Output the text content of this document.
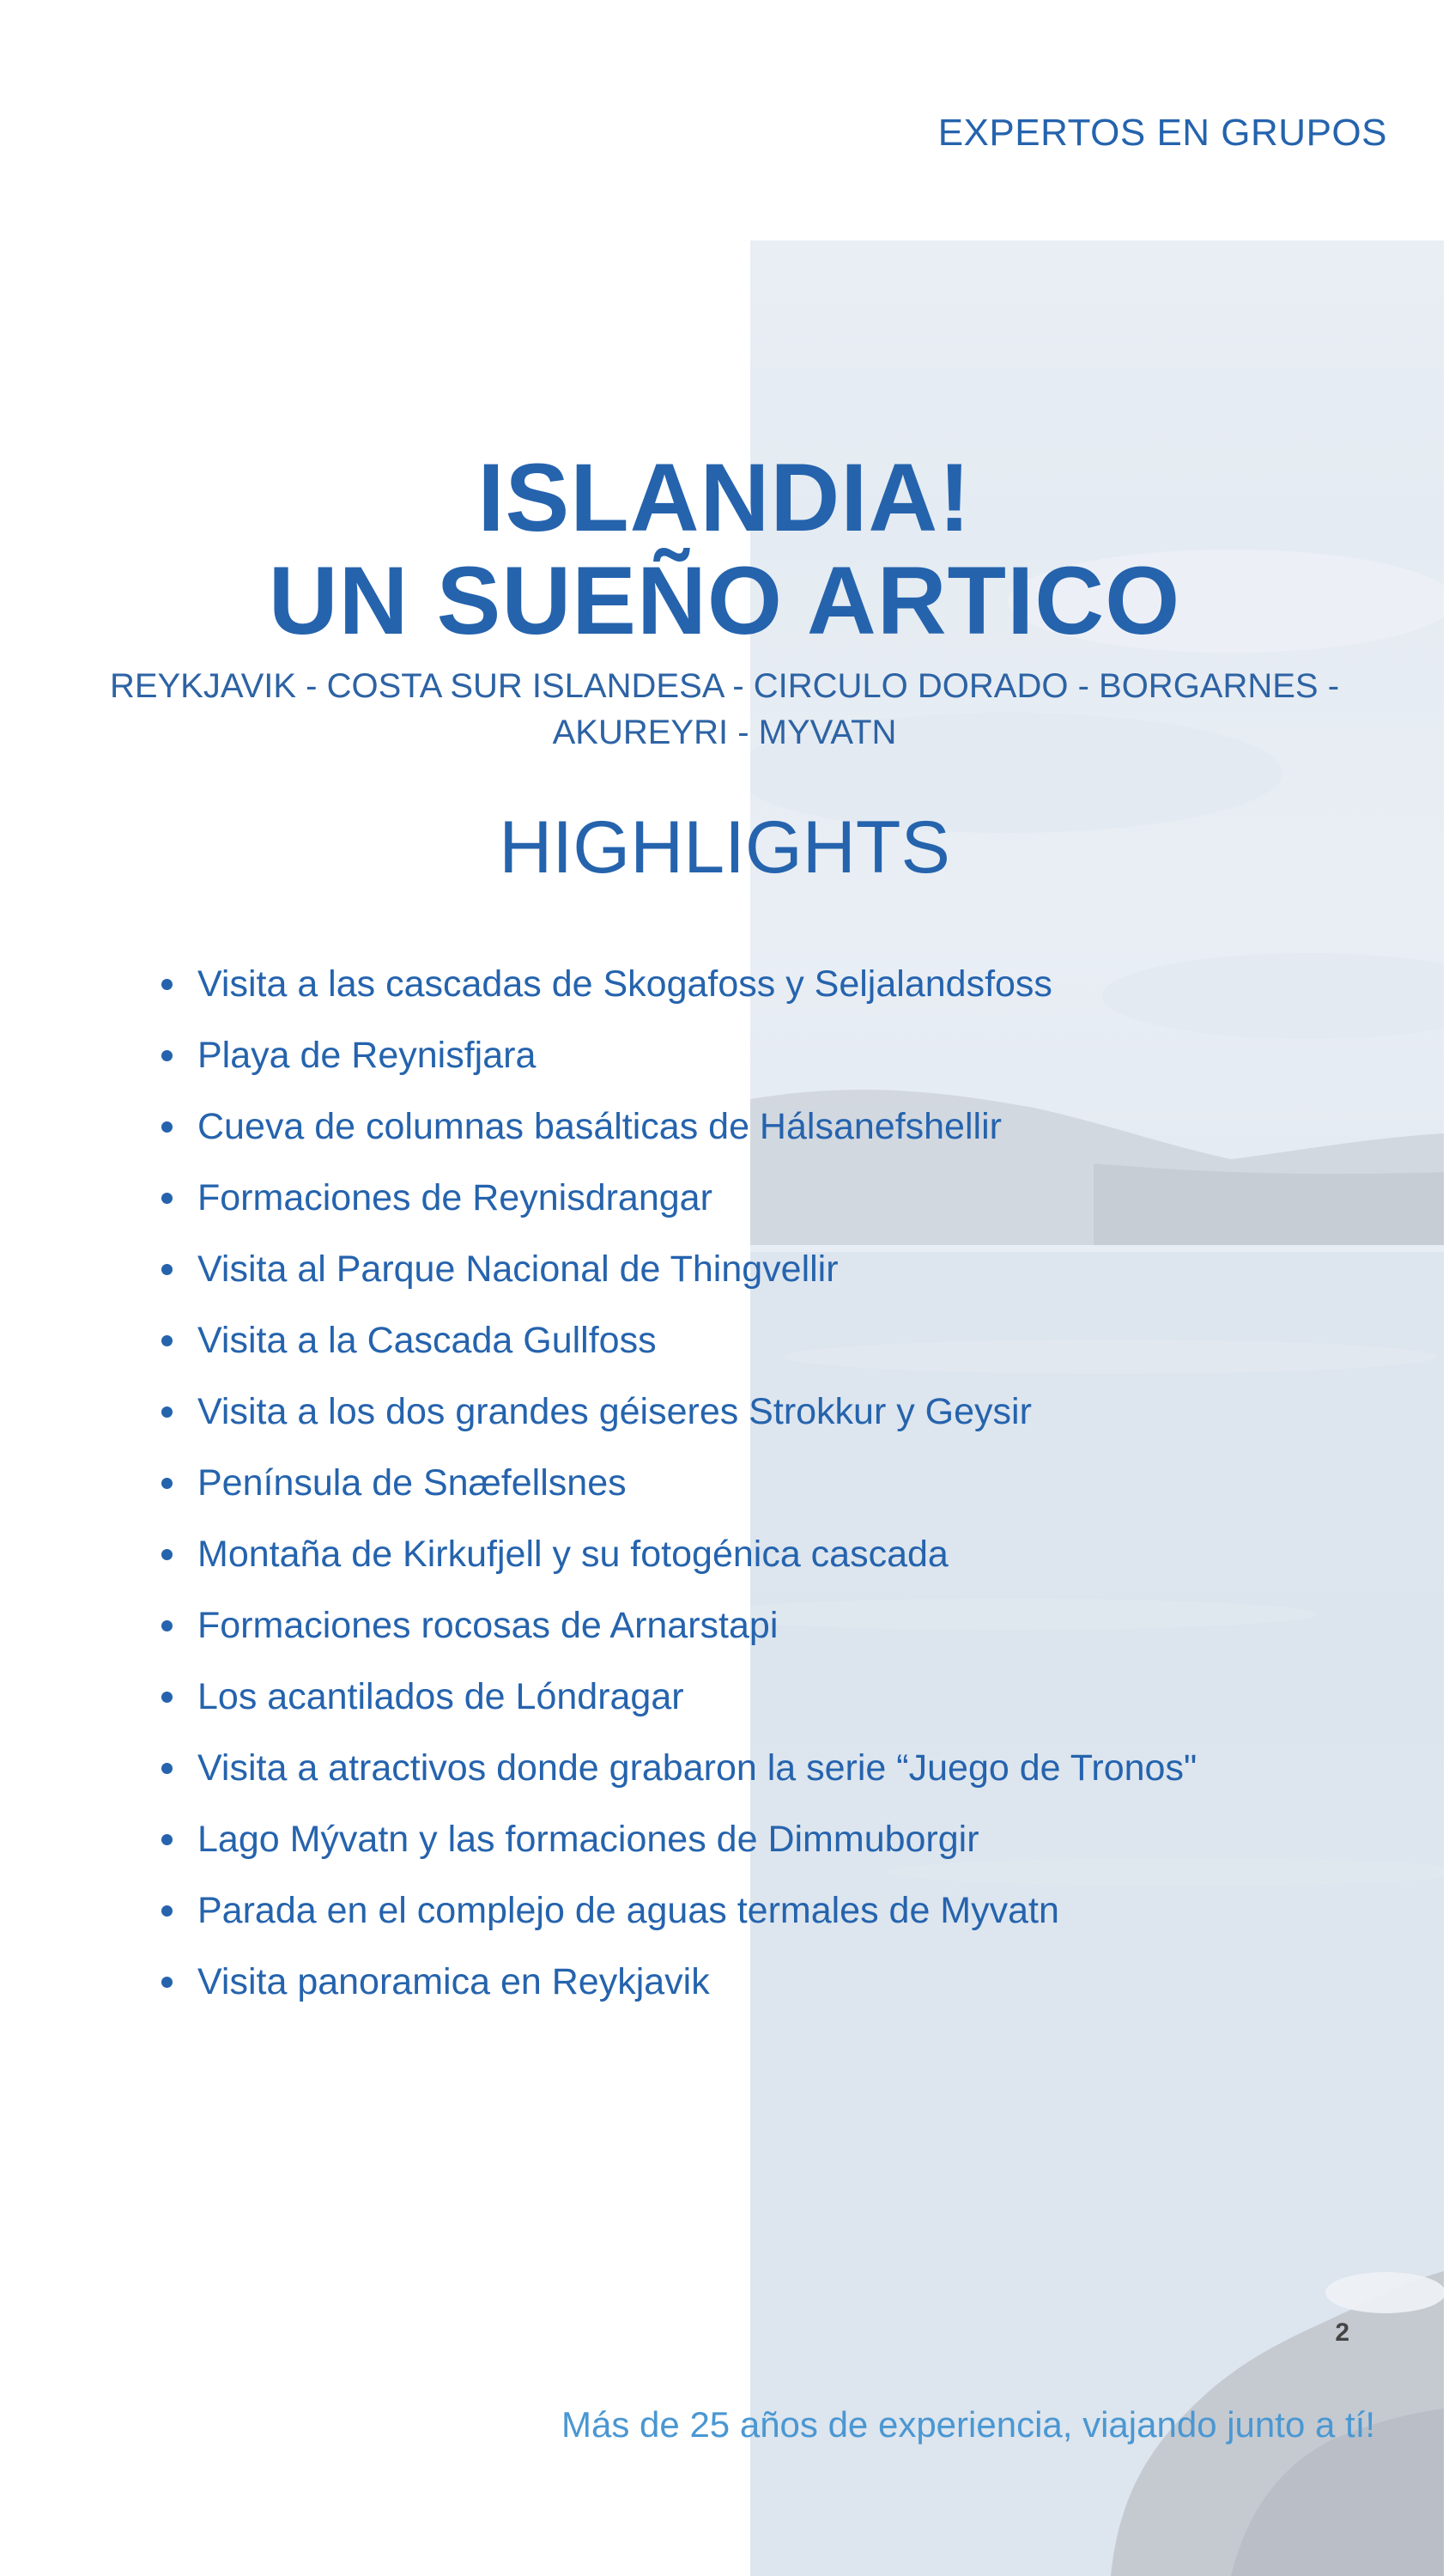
EXPERTOS EN GRUPOS

ISLANDIA!
UN SUEÑO ARTICO

REYKJAVIK - COSTA SUR ISLANDESA - CIRCULO DORADO - BORGARNES - AKUREYRI - MYVATN

HIGHLIGHTS
Visita a las cascadas de Skogafoss y Seljalandsfoss
Playa de Reynisfjara
Cueva de columnas basálticas de Hálsanefshellir
Formaciones de Reynisdrangar
Visita al Parque Nacional de Thingvellir
Visita a la Cascada Gullfoss
Visita a los dos grandes géiseres Strokkur y Geysir
Península de Snæfellsnes
Montaña de Kirkufjell y su fotogénica cascada
Formaciones rocosas de Arnarstapi
Los acantilados de Lóndragar
Visita a atractivos donde grabaron la serie “Juego de Tronos"
Lago Mývatn y las formaciones de Dimmuborgir
Parada en el complejo de aguas termales de Myvatn
Visita panoramica en Reykjavik

2

Más de 25 años de experiencia, viajando junto a tí!
